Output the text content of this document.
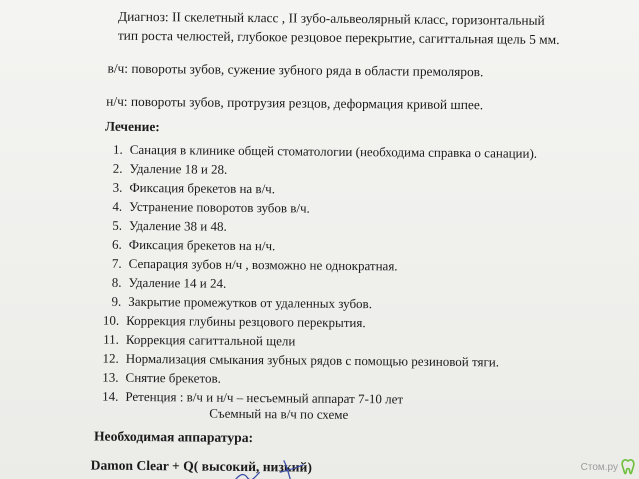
Диагноз: II скелетный класс , II зубо-альвеолярный класс, горизонтальный
тип роста челюстей, глубокое резцовое перекрытие, сагиттальная щель 5 мм.
в/ч: повороты зубов, сужение зубного ряда в области премоляров.
н/ч: повороты зубов, протрузия резцов, деформация кривой шпее.
Лечение:
1. Санация в клинике общей стоматологии (необходима справка о санации).
2. Удаление 18 и 28.
3. Фиксация брекетов на в/ч.
4. Устранение поворотов зубов в/ч.
5. Удаление 38 и 48.
6. Фиксация брекетов на н/ч.
7. Сепарация зубов н/ч , возможно не однократная.
8. Удаление 14 и 24.
9. Закрытие промежутков от удаленных зубов.
10. Коррекция глубины резцового перекрытия.
11. Коррекция сагиттальной щели
12. Нормализация смыкания зубных рядов с помощью резиновой тяги.
13. Снятие брекетов.
14. Ретенция : в/ч и н/ч – несъемный аппарат 7-10 лет
Съемный на в/ч по схеме
Необходимая аппаратура:
Damon Clear + Q( высокий, низкий)	Стом.ру
